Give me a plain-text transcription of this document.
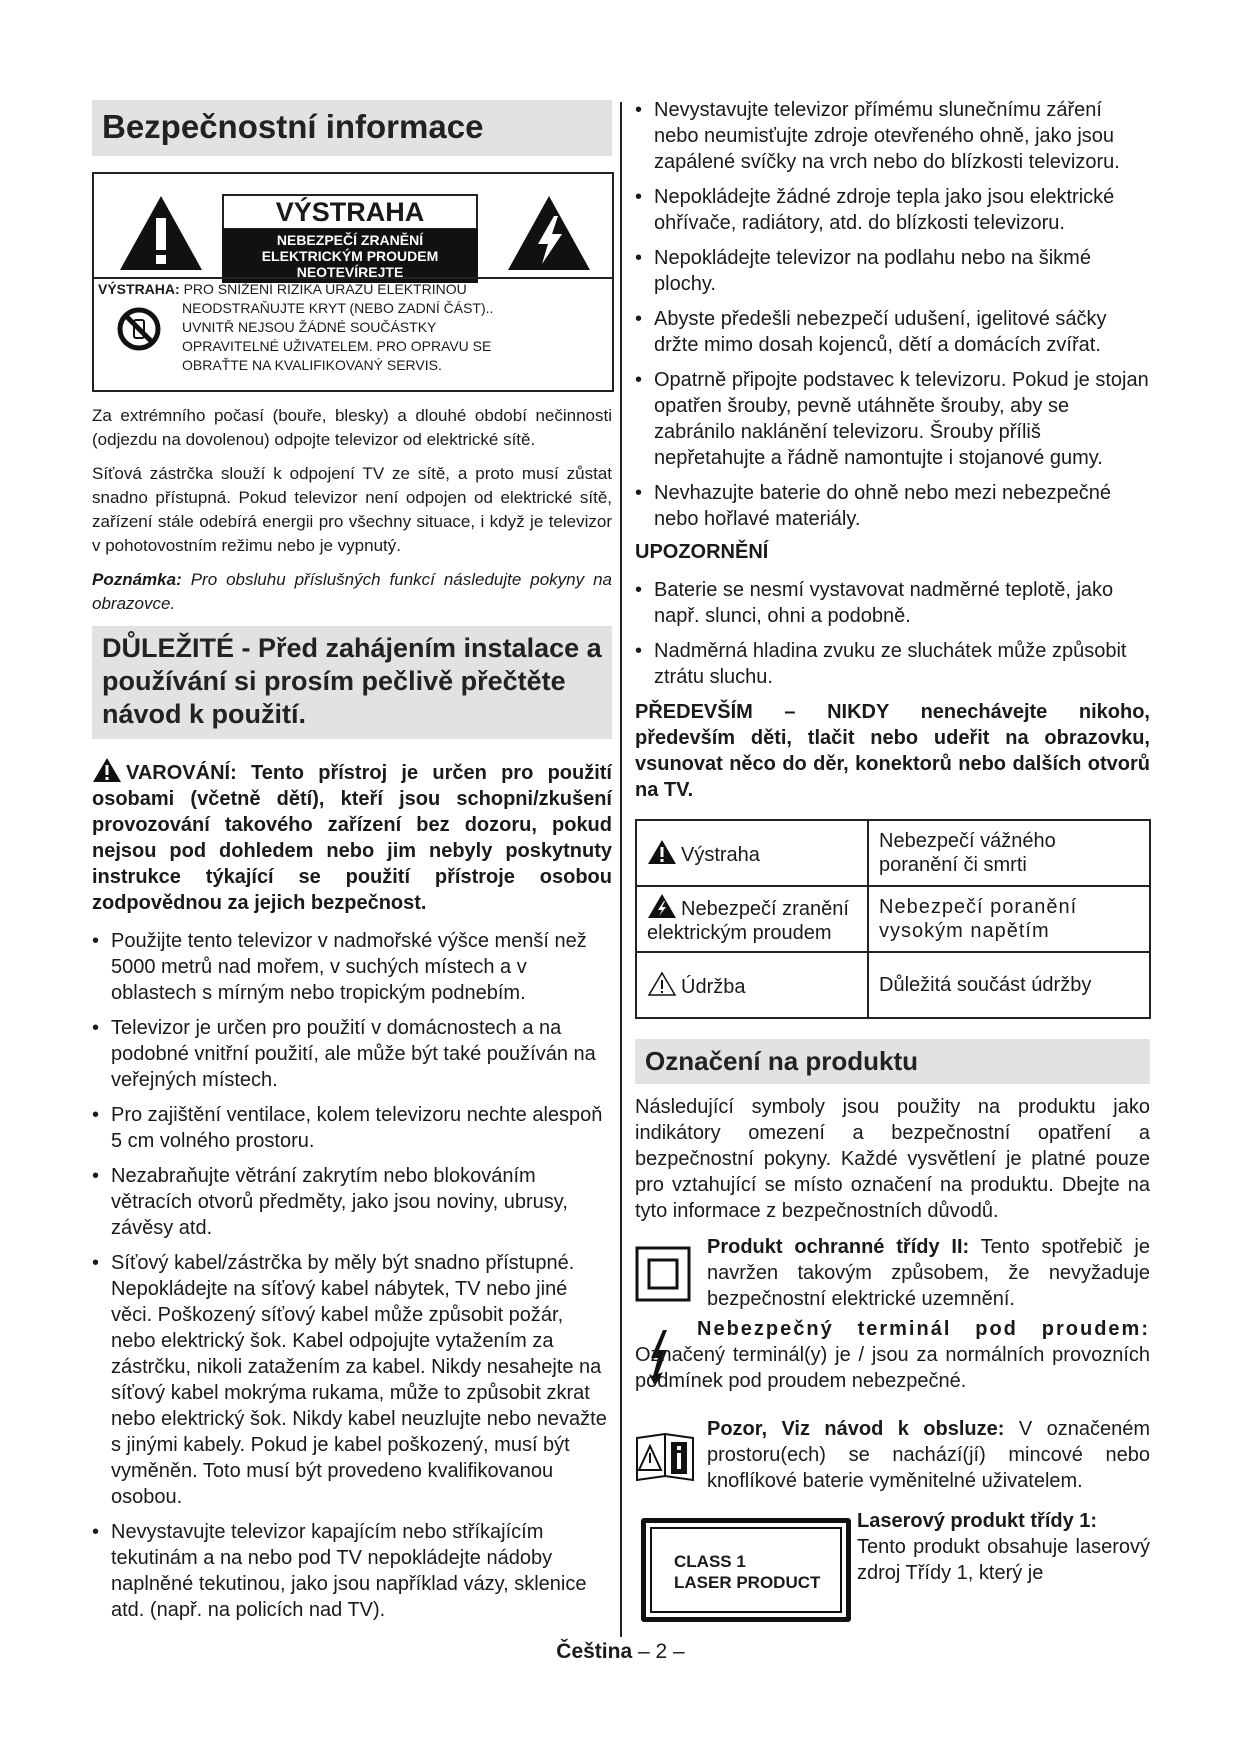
Bezpečnostní informace
VÝSTRAHA
NEBEZPEČÍ ZRANĚNÍ
ELEKTRICKÝM PROUDEM
NEOTEVÍREJTE
VÝSTRAHA: PRO SNÍŽENÍ RIZIKA ÚRAZU ELEKTRINOU
NEODSTRAŇUJTE KRYT (NEBO ZADNÍ ČÁST)..
UVNITŘ NEJSOU ŽÁDNÉ SOUČÁSTKY
OPRAVITELNÉ UŽIVATELEM. PRO OPRAVU SE
OBRAŤTE NA KVALIFIKOVANÝ SERVIS.

Za extrémního počasí (bouře, blesky) a dlouhé období nečinnosti (odjezdu na dovolenou) odpojte televizor od elektrické sítě.

Síťová zástrčka slouží k odpojení TV ze sítě, a proto musí zůstat snadno přístupná. Pokud televizor není odpojen od elektrické sítě, zařízení stále odebírá energii pro všechny situace, i když je televizor v pohotovostním režimu nebo je vypnutý.

Poznámka: Pro obsluhu příslušných funkcí následujte pokyny na obrazovce.

DŮLEŽITÉ - Před zahájením instalace a používání si prosím pečlivě přečtěte návod k použití.

VAROVÁNÍ: Tento přístroj je určen pro použití osobami (včetně dětí), kteří jsou schopni/zkušení provozování takového zařízení bez dozoru, pokud nejsou pod dohledem nebo jim nebyly poskytnuty instrukce týkající se použití přístroje osobou zodpovědnou za jejich bezpečnost.

• Použijte tento televizor v nadmořské výšce menší než 5000 metrů nad mořem, v suchých místech a v oblastech s mírným nebo tropickým podnebím.
• Televizor je určen pro použití v domácnostech a na podobné vnitřní použití, ale může být také používán na veřejných místech.
• Pro zajištění ventilace, kolem televizoru nechte alespoň 5 cm volného prostoru.
• Nezabraňujte větrání zakrytím nebo blokováním větracích otvorů předměty, jako jsou noviny, ubrusy, závěsy atd.
• Síťový kabel/zástrčka by měly být snadno přístupné. Nepokládejte na síťový kabel nábytek, TV nebo jiné věci. Poškozený síťový kabel může způsobit požár, nebo elektrický šok. Kabel odpojujte vytažením za zástrčku, nikoli zatažením za kabel. Nikdy nesahejte na síťový kabel mokrýma rukama, může to způsobit zkrat nebo elektrický šok. Nikdy kabel neuzlujte nebo nevažte s jinými kabely. Pokud je kabel poškozený, musí být vyměněn. Toto musí být provedeno kvalifikovanou osobou.
• Nevystavujte televizor kapajícím nebo stříkajícím tekutinám a na nebo pod TV nepokládejte nádoby naplněné tekutinou, jako jsou například vázy, sklenice atd. (např. na policích nad TV).
• Nevystavujte televizor přímému slunečnímu záření nebo neumisťujte zdroje otevřeného ohně, jako jsou zapálené svíčky na vrch nebo do blízkosti televizoru.
• Nepokládejte žádné zdroje tepla jako jsou elektrické ohřívače, radiátory, atd. do blízkosti televizoru.
• Nepokládejte televizor na podlahu nebo na šikmé plochy.
• Abyste předešli nebezpečí udušení, igelitové sáčky držte mimo dosah kojenců, dětí a domácích zvířat.
• Opatrně připojte podstavec k televizoru. Pokud je stojan opatřen šrouby, pevně utáhněte šrouby, aby se zabránilo naklánění televizoru. Šrouby příliš nepřetahujte a řádně namontujte i stojanové gumy.
• Nevhazujte baterie do ohně nebo mezi nebezpečné nebo hořlavé materiály.

UPOZORNĚNÍ

• Baterie se nesmí vystavovat nadměrné teplotě, jako např. slunci, ohni a podobně.
• Nadměrná hladina zvuku ze sluchátek může způsobit ztrátu sluchu.

PŘEDEVŠÍM – NIKDY nenechávejte nikoho, především děti, tlačit nebo udeřit na obrazovku, vsunovat něco do děr, konektorů nebo dalších otvorů na TV.

Výstraha	Nebezpečí vážného poranění či smrti
Nebezpečí zranění elektrickým proudem	Nebezpečí poranění vysokým napětím
Údržba	Důležitá součást údržby
Označení na produktu

Následující symboly jsou použity na produktu jako indikátory omezení a bezpečnostní opatření a bezpečnostní pokyny. Každé vysvětlení je platné pouze pro vztahující se místo označení na produktu. Dbejte na tyto informace z bezpečnostních důvodů.

Produkt ochranné třídy II: Tento spotřebič je navržen takovým způsobem, že nevyžaduje bezpečnostní elektrické uzemnění.

Nebezpečný terminál pod proudem: Označený terminál(y) je / jsou za normálních provozních podmínek pod proudem nebezpečné.

Pozor, Viz návod k obsluze: V označeném prostoru(ech) se nachází(jí) mincové nebo knoflíkové baterie vyměnitelné uživatelem.

CLASS 1
LASER PRODUCT

Laserový produkt třídy 1:
Tento produkt obsahuje laserový zdroj Třídy 1, který je

Čeština – 2 –
